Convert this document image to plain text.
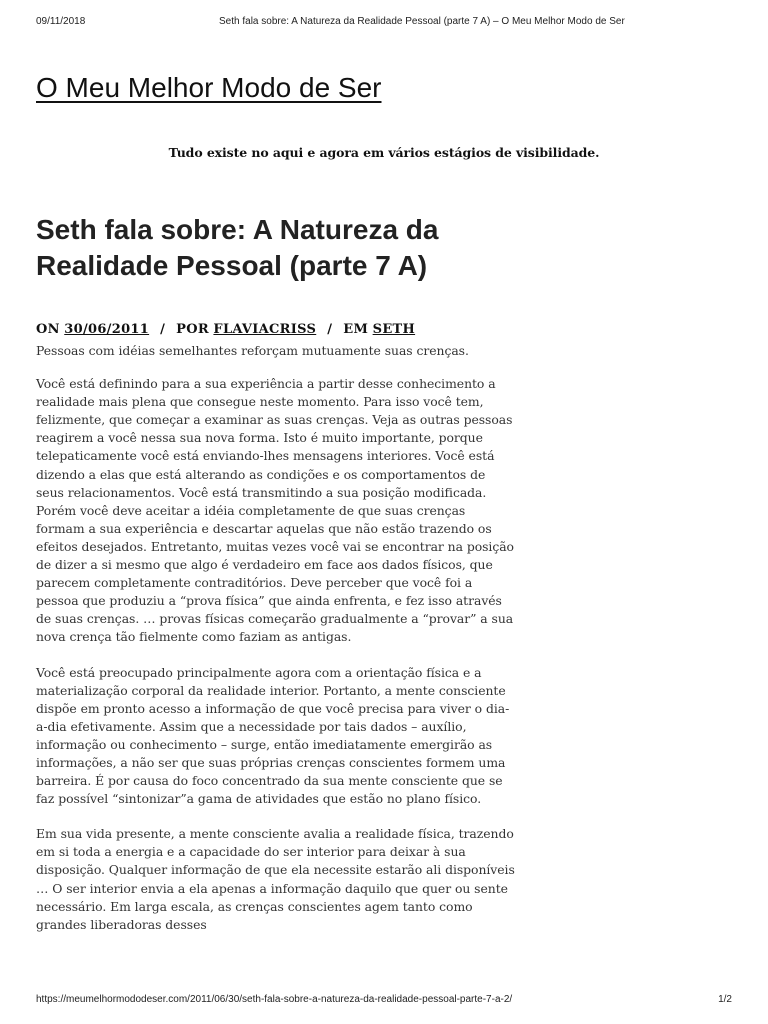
09/11/2018	Seth fala sobre: A Natureza da Realidade Pessoal (parte 7 A) – O Meu Melhor Modo de Ser
O Meu Melhor Modo de Ser
Tudo existe no aqui e agora em vários estágios de visibilidade.
Seth fala sobre: A Natureza da Realidade Pessoal (parte 7 A)
ON 30/06/2011 / POR FLAVIACRISS / EM SETH

Pessoas com idéias semelhantes reforçam mutuamente suas crenças.

Você está definindo para a sua experiência a partir desse conhecimento a realidade mais plena que consegue neste momento. Para isso você tem, felizmente, que começar a examinar as suas crenças. Veja as outras pessoas reagirem a você nessa sua nova forma. Isto é muito importante, porque telepaticamente você está enviando-lhes mensagens interiores. Você está dizendo a elas que está alterando as condições e os comportamentos de seus relacionamentos. Você está transmitindo a sua posição modificada. Porém você deve aceitar a idéia completamente de que suas crenças formam a sua experiência e descartar aquelas que não estão trazendo os efeitos desejados. Entretanto, muitas vezes você vai se encontrar na posição de dizer a si mesmo que algo é verdadeiro em face aos dados físicos, que parecem completamente contraditórios. Deve perceber que você foi a pessoa que produziu a “prova física” que ainda enfrenta, e fez isso através de suas crenças. … provas físicas começarão gradualmente a “provar” a sua nova crença tão fielmente como faziam as antigas.

Você está preocupado principalmente agora com a orientação física e a materialização corporal da realidade interior. Portanto, a mente consciente dispõe em pronto acesso a informação de que você precisa para viver o dia-a-dia efetivamente. Assim que a necessidade por tais dados – auxílio, informação ou conhecimento – surge, então imediatamente emergirão as informações, a não ser que suas próprias crenças conscientes formem uma barreira. É por causa do foco concentrado da sua mente consciente que se faz possível “sintonizar”a gama de atividades que estão no plano físico.

Em sua vida presente, a mente consciente avalia a realidade física, trazendo em si toda a energia e a capacidade do ser interior para deixar à sua disposição. Qualquer informação de que ela necessite estarão ali disponíveis … O ser interior envia a ela apenas a informação daquilo que quer ou sente necessário. Em larga escala, as crenças conscientes agem tanto como grandes liberadoras desses

https://meumelhormododeser.com/2011/06/30/seth-fala-sobre-a-natureza-da-realidade-pessoal-parte-7-a-2/	1/2
